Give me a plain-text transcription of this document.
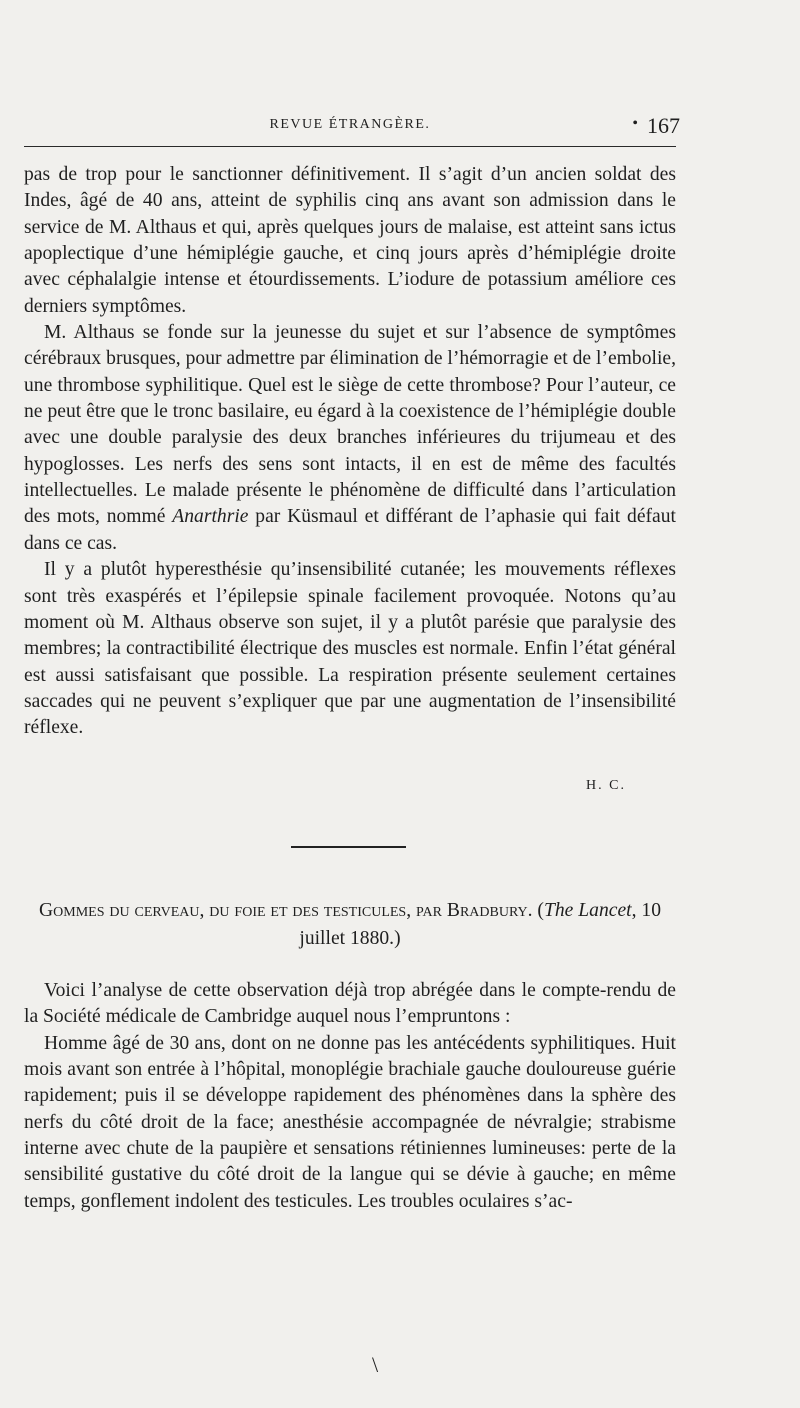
REVUE ÉTRANGÈRE.	• 167

pas de trop pour le sanctionner définitivement. Il s’agit d’un ancien soldat des Indes, âgé de 40 ans, atteint de syphilis cinq ans avant son admission dans le service de M. Althaus et qui, après quelques jours de malaise, est atteint sans ictus apoplectique d’une hémiplégie gauche, et cinq jours après d’hémiplégie droite avec céphalalgie intense et étourdissements. L’iodure de potassium améliore ces derniers symptômes.

M. Althaus se fonde sur la jeunesse du sujet et sur l’absence de symptômes cérébraux brusques, pour admettre par élimination de l’hémorragie et de l’embolie, une thrombose syphilitique. Quel est le siège de cette thrombose? Pour l’auteur, ce ne peut être que le tronc basilaire, eu égard à la coexistence de l’hémiplégie double avec une double paralysie des deux branches inférieures du trijumeau et des hypoglosses. Les nerfs des sens sont intacts, il en est de même des facultés intellectuelles. Le malade présente le phénomène de difficulté dans l’articulation des mots, nommé Anarthrie par Küsmaul et différant de l’aphasie qui fait défaut dans ce cas.

Il y a plutôt hyperesthésie qu’insensibilité cutanée; les mouvements réflexes sont très exaspérés et l’épilepsie spinale facilement provoquée. Notons qu’au moment où M. Althaus observe son sujet, il y a plutôt parésie que paralysie des membres; la contractibilité électrique des muscles est normale. Enfin l’état général est aussi satisfaisant que possible. La respiration présente seulement certaines saccades qui ne peuvent s’expliquer que par une augmentation de l’insensibilité réflexe.

H. C.
Gommes du cerveau, du foie et des testicules, par Bradbury. (The Lancet, 10 juillet 1880.)

Voici l’analyse de cette observation déjà trop abrégée dans le compte-rendu de la Société médicale de Cambridge auquel nous l’empruntons :

Homme âgé de 30 ans, dont on ne donne pas les antécédents syphilitiques. Huit mois avant son entrée à l’hôpital, monoplégie brachiale gauche douloureuse guérie rapidement; puis il se développe rapidement des phénomènes dans la sphère des nerfs du côté droit de la face; anesthésie accompagnée de névralgie; strabisme interne avec chute de la paupière et sensations rétiniennes lumineuses: perte de la sensibilité gustative du côté droit de la langue qui se dévie à gauche; en même temps, gonflement indolent des testicules. Les troubles oculaires s’ac-

\
